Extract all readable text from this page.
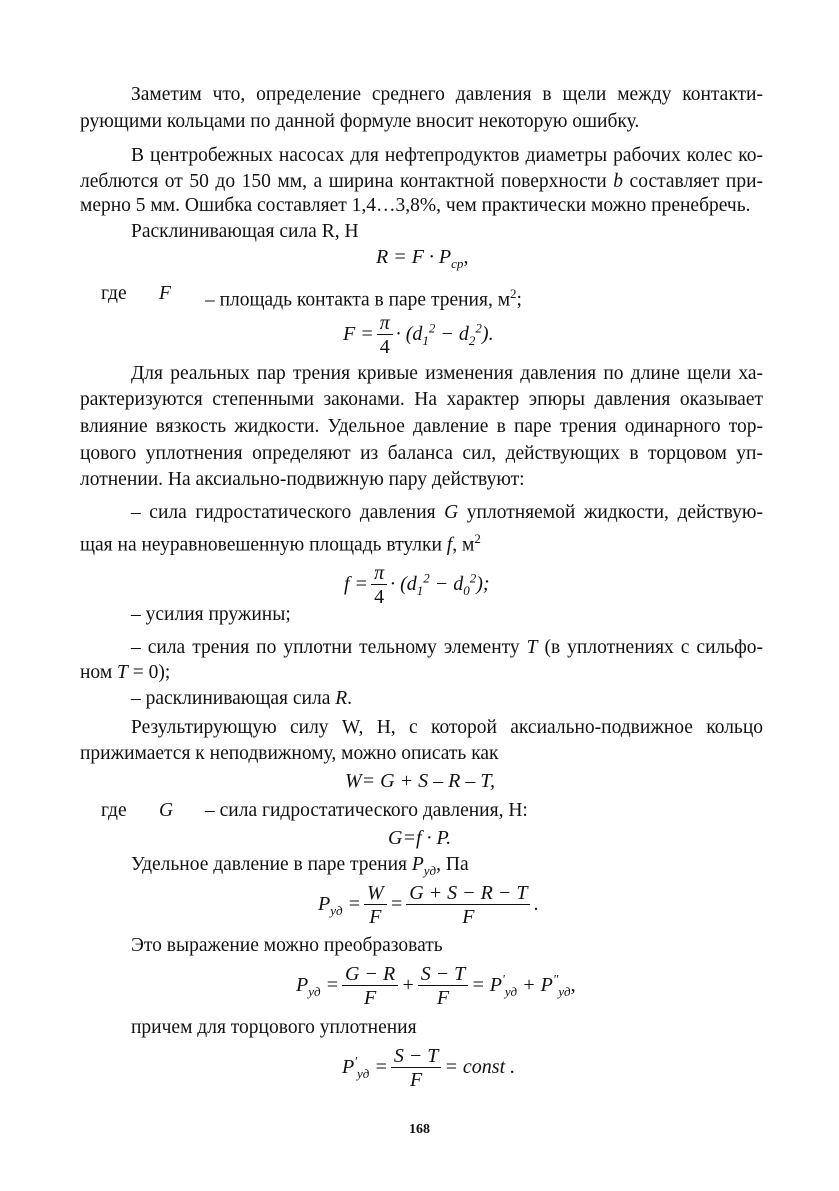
Заметим что, определение среднего давления в щели между контакти-
рующими кольцами по данной формуле вносит некоторую ошибку.
В центробежных насосах для нефтепродуктов диаметры рабочих колес ко-
леблются от 50 до 150 мм, а ширина контактной поверхности b составляет при-
мерно 5 мм. Ошибка составляет 1,4…3,8%, чем практически можно пренебречь.
Расклинивающая сила R, Н
$R = F \cdot P_{ср}$,
где F – площадь контакта в паре трения, $м^2$;
$F = \frac{\pi}{4} \cdot (d_1^2 - d_2^2)$.
Для реальных пар трения кривые изменения давления по длине щели ха-
рактеризуются степенными законами. На характер эпюры давления оказывает
влияние вязкость жидкости. Удельное давление в паре трения одинарного тор-
цового уплотнения определяют из баланса сил, действующих в торцовом уп-
лотнении. На аксиально-подвижную пару действуют:
– сила гидростатического давления G уплотняемой жидкости, действую-
щая на неуравновешенную площадь втулки f, $м^2$
$f = \frac{\pi}{4} \cdot (d_1^2 - d_0^2)$;
– усилия пружины;
– сила трения по уплотни тельному элементу T (в уплотнениях с сильфо-
ном T = 0);
– расклинивающая сила R.
Результирующую силу W, Н, с которой аксиально-подвижное кольцо
прижимается к неподвижному, можно описать как
W= G + S – R – T,
где G – сила гидростатического давления, Н:
G=f · P.
Удельное давление в паре трения $P_{уд}$, Па
$P_{уд} = \frac{W}{F} = \frac{G + S - R - T}{F}$ .
Это выражение можно преобразовать
$P_{уд} = \frac{G - R}{F} + \frac{S - T}{F} = P'_{уд} + P^"_{уд}$,
причем для торцового уплотнения
$P'_{уд} = \frac{S - T}{F}$ = const .
168
